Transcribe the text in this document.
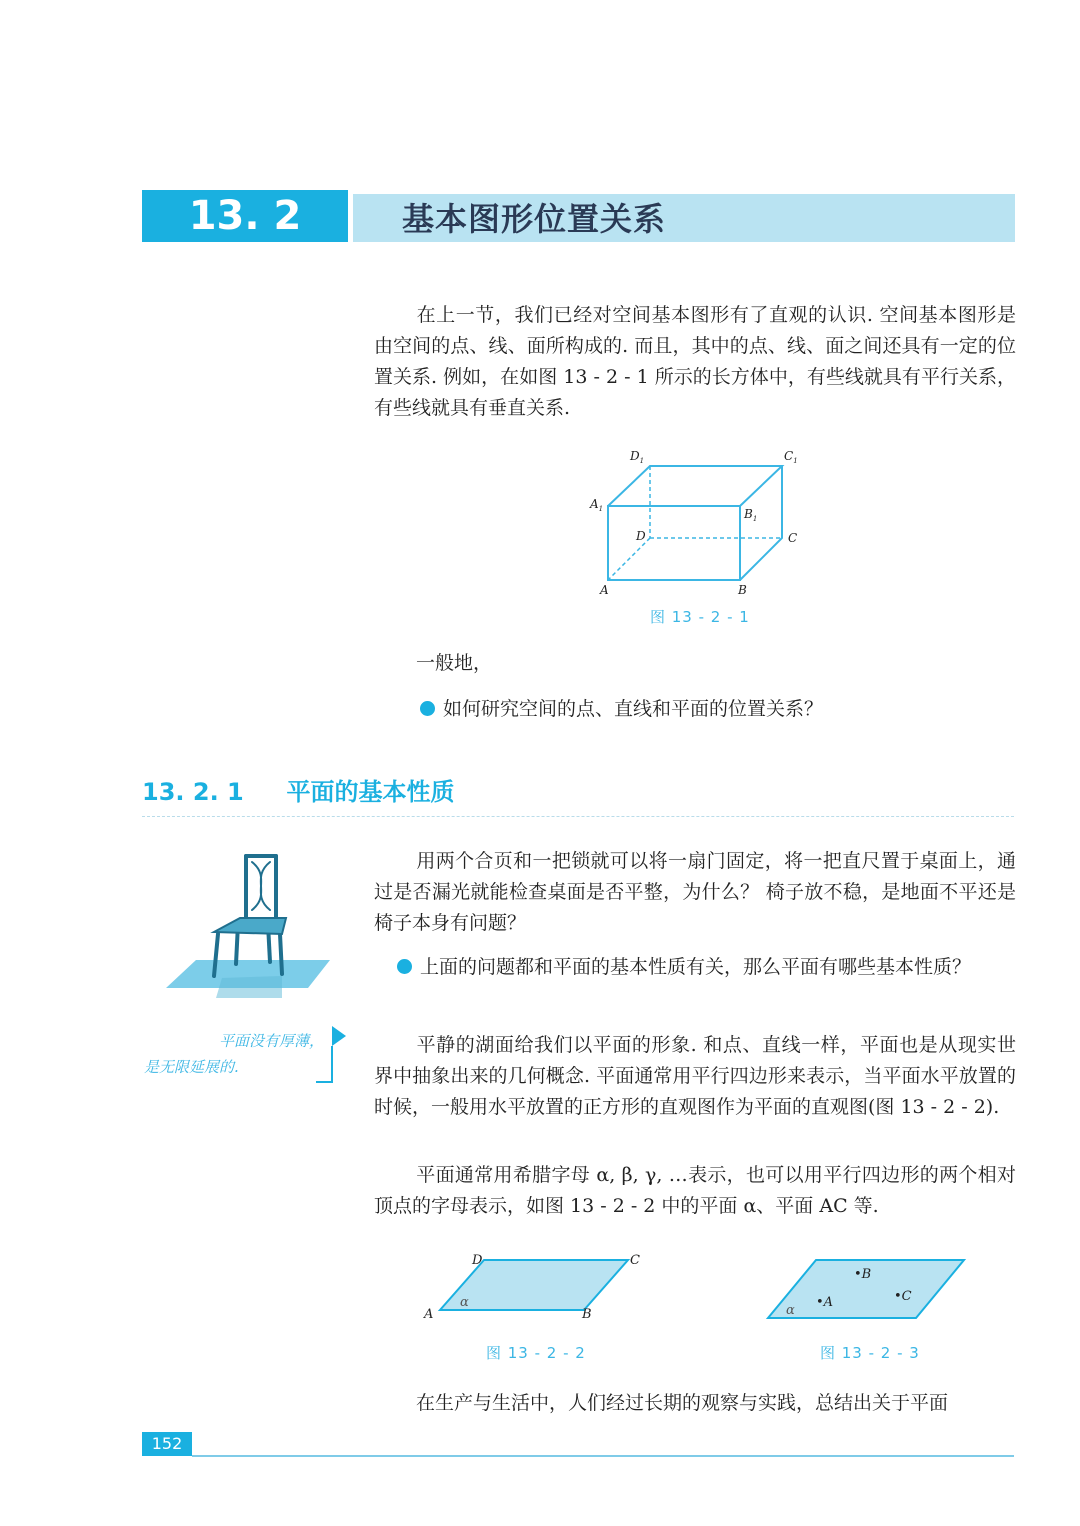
13. 2	基本图形位置关系

在上一节，我们已经对空间基本图形有了直观的认识. 空间基本图形是由空间的点、线、面所构成的. 而且，其中的点、线、面之间还具有一定的位置关系. 例如，在如图 13 - 2 - 1 所示的长方体中，有些线就具有平行关系，有些线就具有垂直关系.

$D_1$	$C_1$
$A_1$	$B_1$
D	C
A	B
图 13 - 2 - 1
一般地，
如何研究空间的点、直线和平面的位置关系？
13. 2. 1 平面的基本性质

用两个合页和一把锁就可以将一扇门固定，将一把直尺置于桌面上，通过是否漏光就能检查桌面是否平整，为什么？ 椅子放不稳，是地面不平还是椅子本身有问题？

上面的问题都和平面的基本性质有关，那么平面有哪些基本性质？

平面没有厚薄，
是无限延展的.

平静的湖面给我们以平面的形象. 和点、直线一样，平面也是从现实世界中抽象出来的几何概念. 平面通常用平行四边形来表示，当平面水平放置的时候，一般用水平放置的正方形的直观图作为平面的直观图(图 13 - 2 - 2).

平面通常用希腊字母 α, β, γ, …表示，也可以用平行四边形的两个相对顶点的字母表示，如图 13 - 2 - 2 中的平面 α、平面 AC 等.

D	C
A	B
α
图 13 - 2 - 2
•B
•A	•C
α
图 13 - 2 - 3

在生产与生活中，人们经过长期的观察与实践，总结出关于平面

152
